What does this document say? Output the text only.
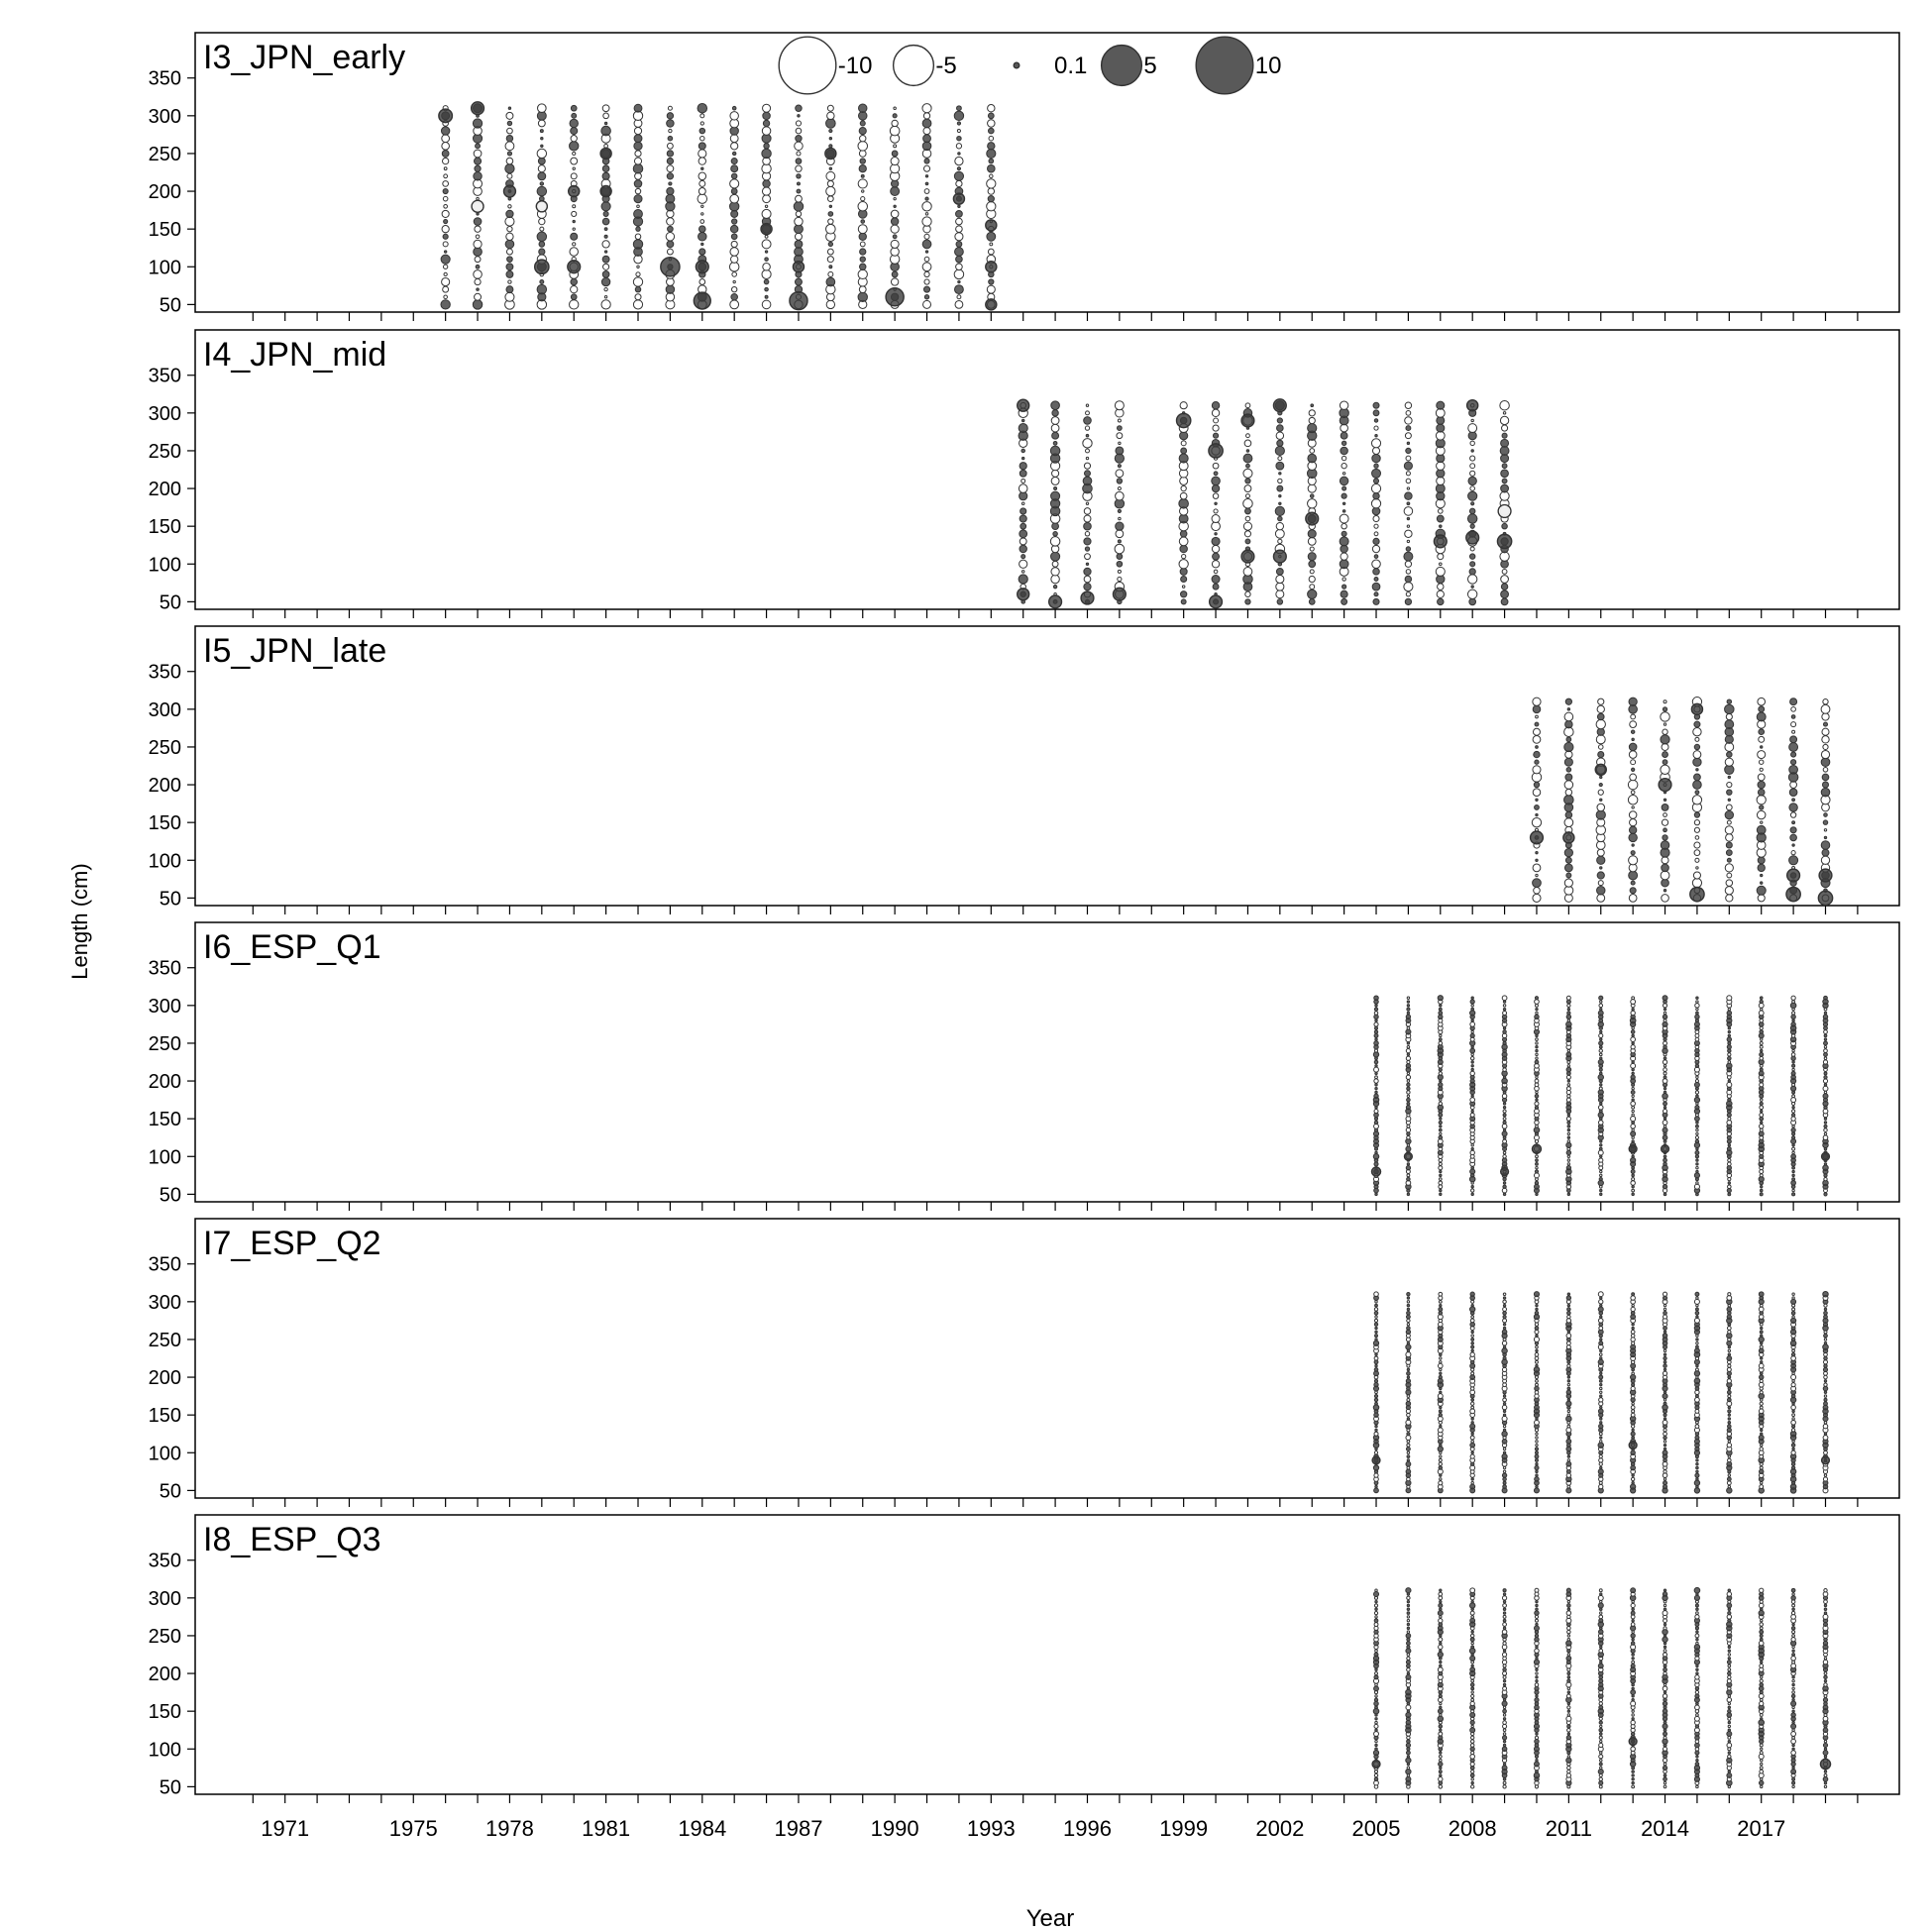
Length (cm)
Year
50
100
150
200
250
300
350
I3_JPN_early
50
100
150
200
250
300
350
I4_JPN_mid
50
100
150
200
250
300
350
I5_JPN_late
50
100
150
200
250
300
350
I6_ESP_Q1
50
100
150
200
250
300
350
I7_ESP_Q2
50
100
150
200
250
300
350
I8_ESP_Q3
1971	1975 1978 1981 1984 1987 1990 1993 1996 1999 2002 2005 2008 2011 2014 2017
-10	-5	0.1 5	10
